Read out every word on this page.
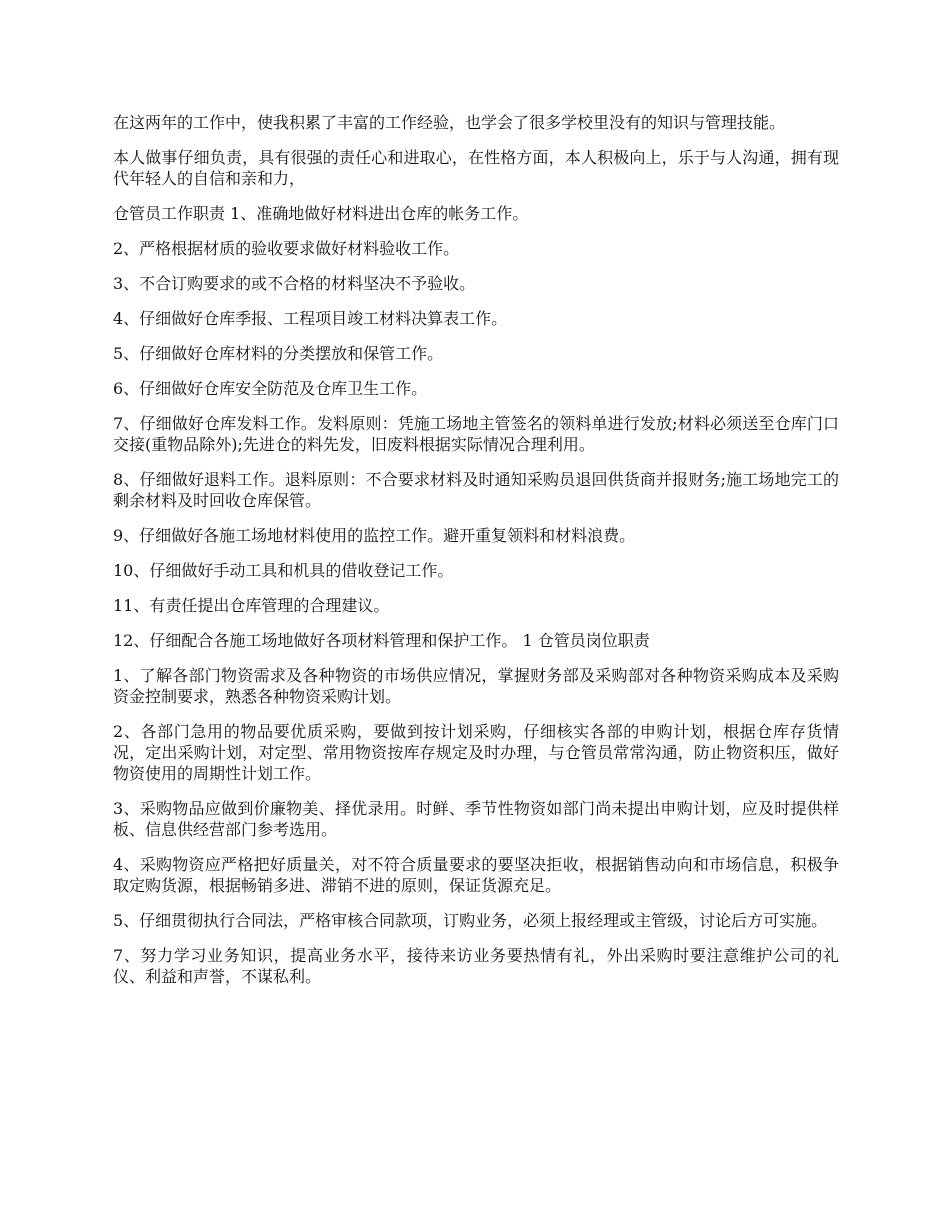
在这两年的工作中，使我积累了丰富的工作经验，也学会了很多学校里没有的知识与管理技能。

本人做事仔细负责，具有很强的责任心和进取心，在性格方面，本人积极向上，乐于与人沟通，拥有现代年轻人的自信和亲和力，

仓管员工作职责 1、准确地做好材料进出仓库的帐务工作。

2、严格根据材质的验收要求做好材料验收工作。

3、不合订购要求的或不合格的材料坚决不予验收。

4、仔细做好仓库季报、工程项目竣工材料决算表工作。

5、仔细做好仓库材料的分类摆放和保管工作。

6、仔细做好仓库安全防范及仓库卫生工作。

7、仔细做好仓库发料工作。发料原则：凭施工场地主管签名的领料单进行发放;材料必须送至仓库门口交接(重物品除外);先进仓的料先发，旧废料根据实际情况合理利用。

8、仔细做好退料工作。退料原则：不合要求材料及时通知采购员退回供货商并报财务;施工场地完工的剩余材料及时回收仓库保管。

9、仔细做好各施工场地材料使用的监控工作。避开重复领料和材料浪费。

10、仔细做好手动工具和机具的借收登记工作。

11、有责任提出仓库管理的合理建议。

12、仔细配合各施工场地做好各项材料管理和保护工作。 1 仓管员岗位职责

1、了解各部门物资需求及各种物资的市场供应情况，掌握财务部及采购部对各种物资采购成本及采购资金控制要求，熟悉各种物资采购计划。

2、各部门急用的物品要优质采购，要做到按计划采购，仔细核实各部的申购计划，根据仓库存货情况，定出采购计划，对定型、常用物资按库存规定及时办理，与仓管员常常沟通，防止物资积压，做好物资使用的周期性计划工作。

3、采购物品应做到价廉物美、择优录用。时鲜、季节性物资如部门尚未提出申购计划，应及时提供样板、信息供经营部门参考选用。

4、采购物资应严格把好质量关，对不符合质量要求的要坚决拒收，根据销售动向和市场信息，积极争取定购货源，根据畅销多进、滞销不进的原则，保证货源充足。

5、仔细贯彻执行合同法，严格审核合同款项，订购业务，必须上报经理或主管级，讨论后方可实施。

7、努力学习业务知识，提高业务水平，接待来访业务要热情有礼，外出采购时要注意维护公司的礼仪、利益和声誉，不谋私利。
